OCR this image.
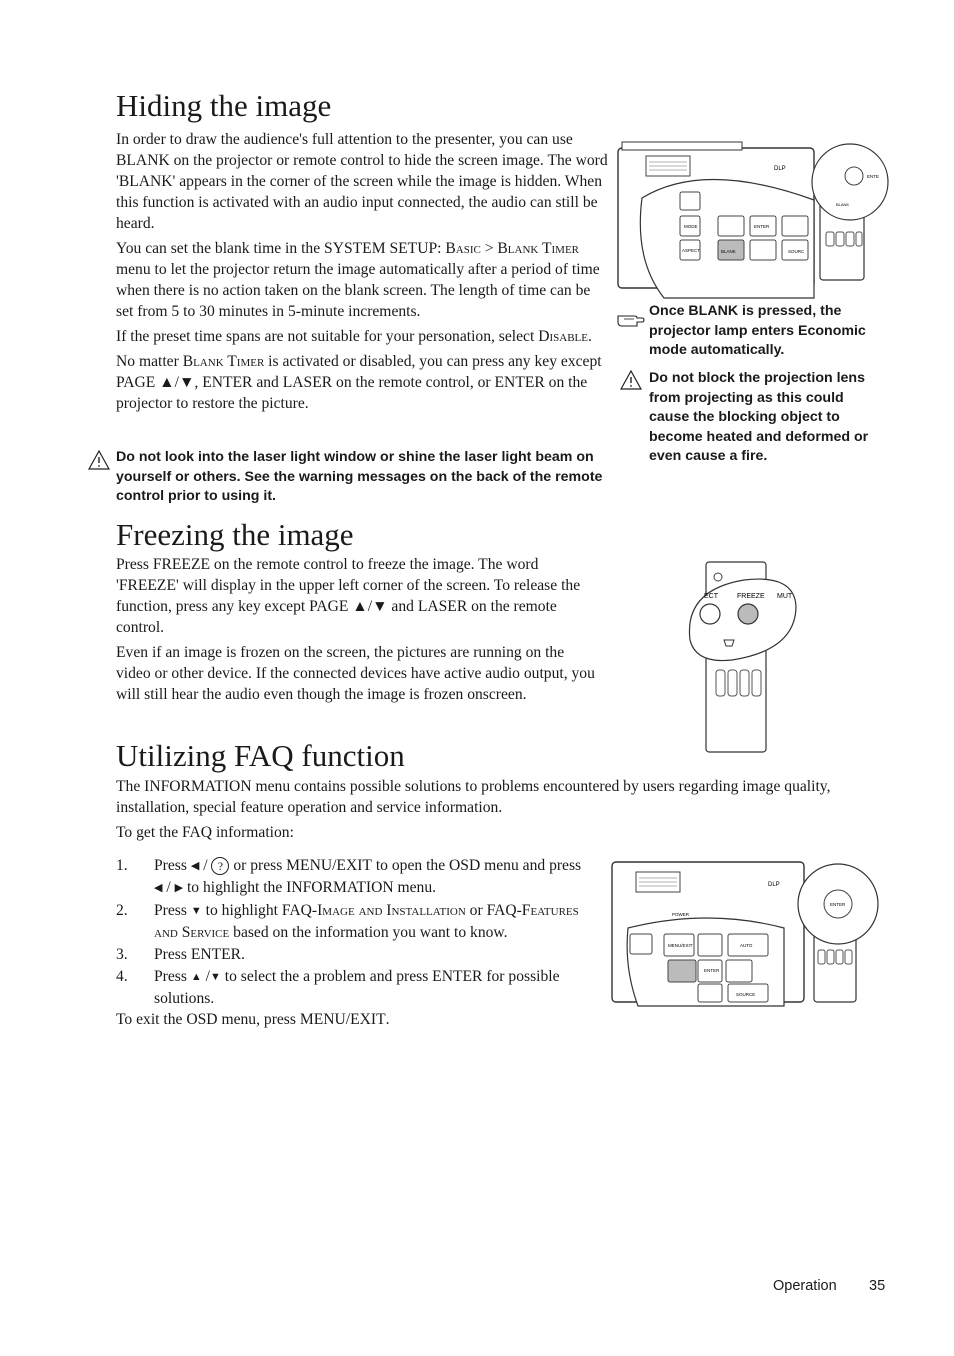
Hiding the image

In order to draw the audience's full attention to the presenter, you can use BLANK on the projector or remote control to hide the screen image. The word 'BLANK' appears in the corner of the screen while the image is hidden. When this function is activated with an audio input connected, the audio can still be heard.

You can set the blank time in the SYSTEM SETUP: Basic > Blank Timer menu to let the projector return the image automatically after a period of time when there is no action taken on the blank screen. The length of time can be set from 5 to 30 minutes in 5-minute increments.

If the preset time spans are not suitable for your personation, select Disable.

No matter Blank Timer is activated or disabled, you can press any key except PAGE ▲/▼, ENTER and LASER on the remote control, or ENTER on the projector to restore the picture.

Do not look into the laser light window or shine the laser light beam on yourself or others. See the warning messages on the back of the remote control prior to using it.

DLP
MODE
ASPECT	BLANK
ENTER
SOURC
ENTE
BLANK

Once BLANK is pressed, the projector lamp enters Economic mode automatically.

Do not block the projection lens from projecting as this could cause the blocking object to become heated and deformed or even cause a fire.

Freezing the image

Press FREEZE on the remote control to freeze the image. The word 'FREEZE' will display in the upper left corner of the screen. To release the function, press any key except PAGE ▲/▼ and LASER on the remote control.

Even if an image is frozen on the screen, the pictures are running on the video or other device. If the connected devices have active audio output, you will still hear the audio even though the image is frozen onscreen.

ECT	FREEZE MUT
Utilizing FAQ function

The INFORMATION menu contains possible solutions to problems encountered by users regarding image quality, installation, special feature operation and service information.

To get the FAQ information:

1. Press ◀ / ? or press MENU/EXIT to open the OSD menu and press ◀ / ▶ to highlight the INFORMATION menu.
2. Press ▼ to highlight FAQ-Image and Installation or FAQ-Features and Service based on the information you want to know.
3. Press ENTER.
4. Press ▲ /▼ to select the a problem and press ENTER for possible solutions.

To exit the OSD menu, press MENU/EXIT.

DLP
POWER
MENU/EXIT	AUTO
ENTER
SOURCE
ENTER
Operation 35
